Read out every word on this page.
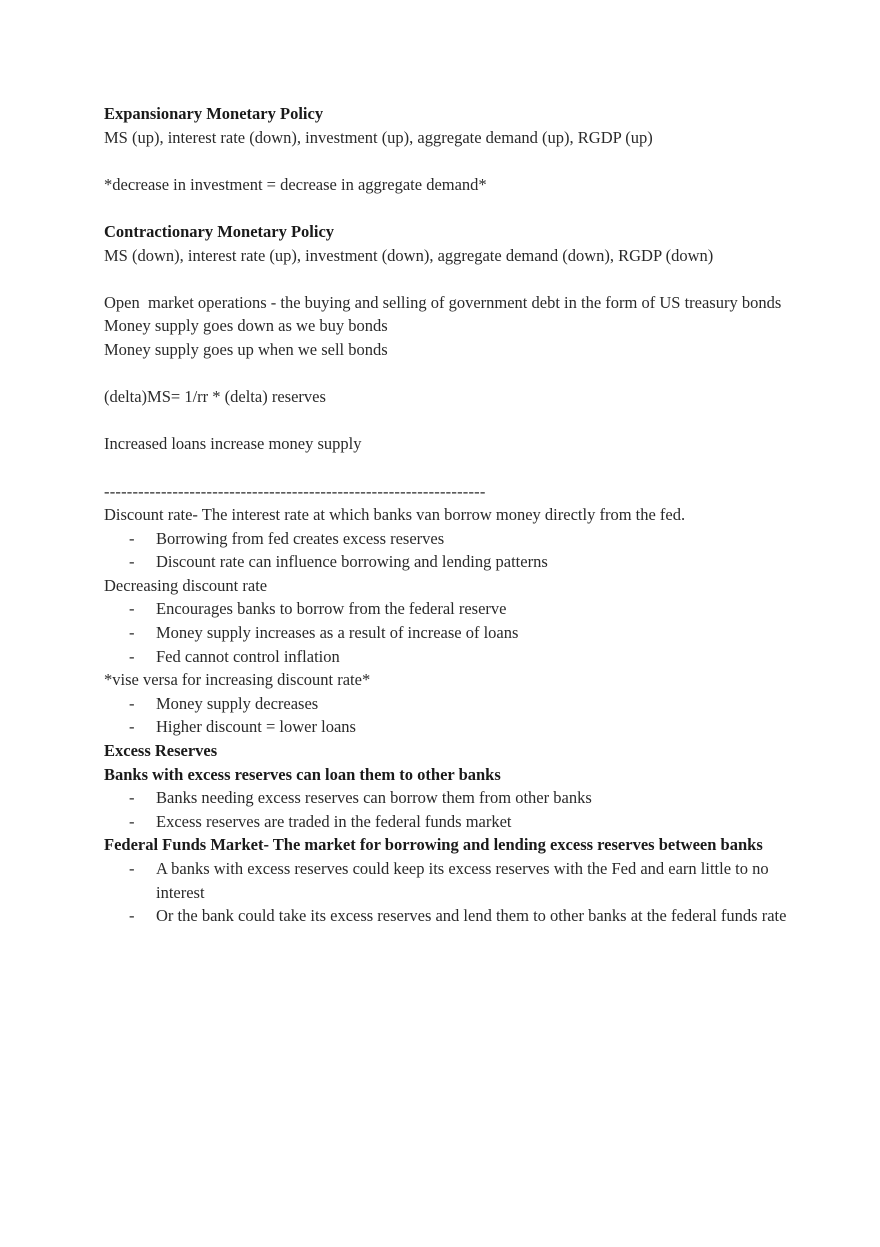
Expansionary Monetary Policy
MS (up), interest rate (down), investment (up), aggregate demand (up), RGDP (up)
*decrease in investment = decrease in aggregate demand*
Contractionary Monetary Policy
MS (down), interest rate (up), investment (down), aggregate demand (down), RGDP (down)
Open  market operations - the buying and selling of government debt in the form of US treasury bonds
Money supply goes down as we buy bonds
Money supply goes up when we sell bonds
(delta)MS= 1/rr * (delta) reserves
Increased loans increase money supply
-------------------------------------------------------------------
Discount rate- The interest rate at which banks van borrow money directly from the fed.
- Borrowing from fed creates excess reserves
- Discount rate can influence borrowing and lending patterns
Decreasing discount rate
- Encourages banks to borrow from the federal reserve
- Money supply increases as a result of increase of loans
- Fed cannot control inflation
*vise versa for increasing discount rate*
- Money supply decreases
- Higher discount = lower loans
Excess Reserves
Banks with excess reserves can loan them to other banks
- Banks needing excess reserves can borrow them from other banks
- Excess reserves are traded in the federal funds market
Federal Funds Market- The market for borrowing and lending excess reserves between banks
- A banks with excess reserves could keep its excess reserves with the Fed and earn little to no interest
- Or the bank could take its excess reserves and lend them to other banks at the federal funds rate
